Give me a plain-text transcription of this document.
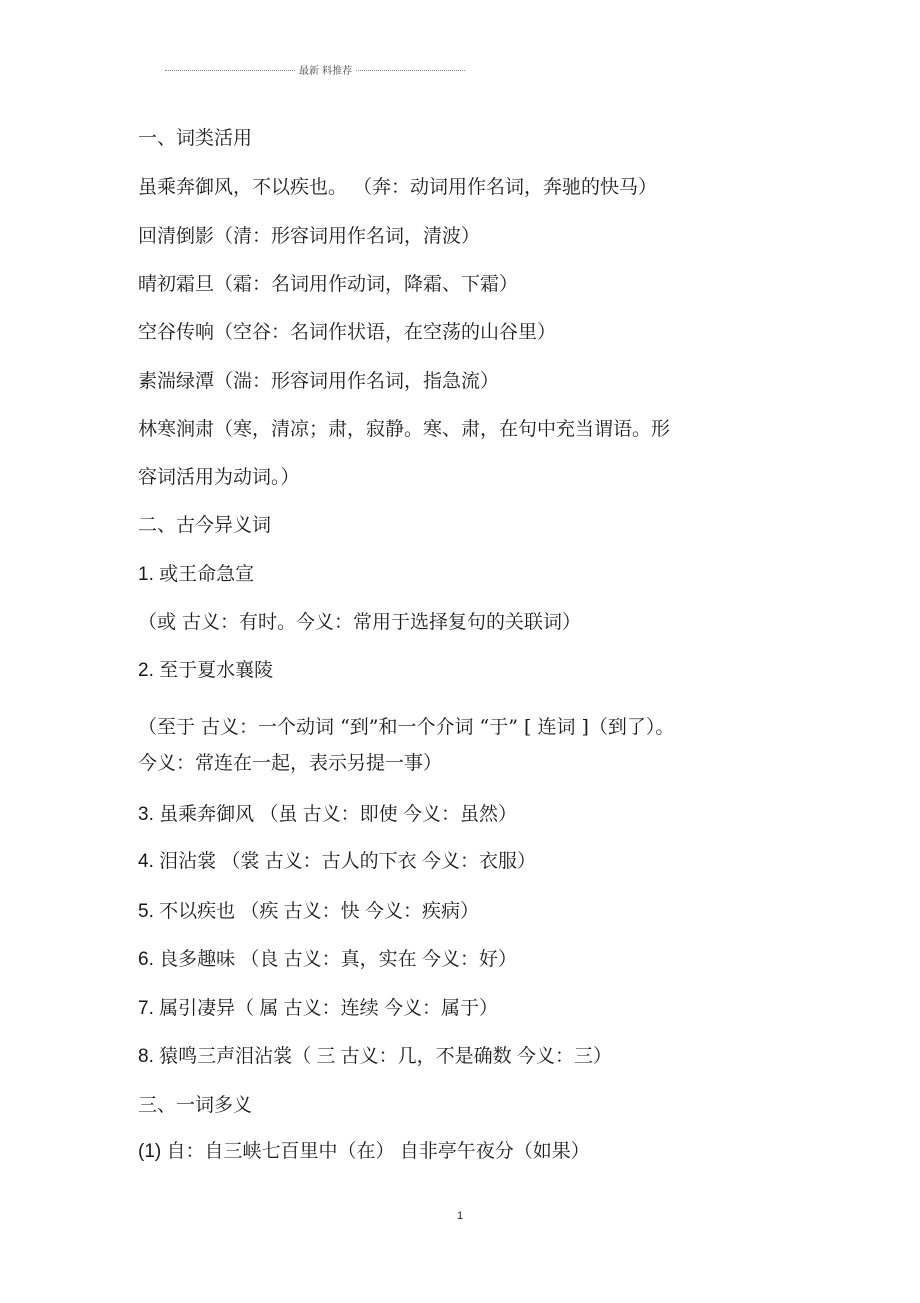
最新 料推荐
一、词类活用
虽乘奔御风，不以疾也。 （奔：动词用作名词，奔驰的快马）
回清倒影（清：形容词用作名词，清波）
晴初霜旦（霜：名词用作动词，降霜、下霜）
空谷传响（空谷：名词作状语，在空荡的山谷里）
素湍绿潭（湍：形容词用作名词，指急流）
林寒涧肃（寒，清凉；肃，寂静。寒、肃，在句中充当谓语。形
容词活用为动词。）
二、古今异义词
1. 或王命急宣
（或 古义：有时。今义：常用于选择复句的关联词）
2. 至于夏水襄陵
（至于 古义：一个动词 “到”和一个介词 “于” [ 连词 ]（到了）。
今义：常连在一起，表示另提一事）
3. 虽乘奔御风 （虽 古义：即使 今义：虽然）
4. 泪沾裳 （裳 古义：古人的下衣 今义：衣服）
5. 不以疾也 （疾 古义：快 今义：疾病）
6. 良多趣味 （良 古义：真，实在 今义：好）
7. 属引凄异（ 属 古义：连续 今义：属于）
8. 猿鸣三声泪沾裳（ 三 古义：几，不是确数 今义：三）
三、一词多义
(1) 自：自三峡七百里中（在） 自非亭午夜分（如果）
1
